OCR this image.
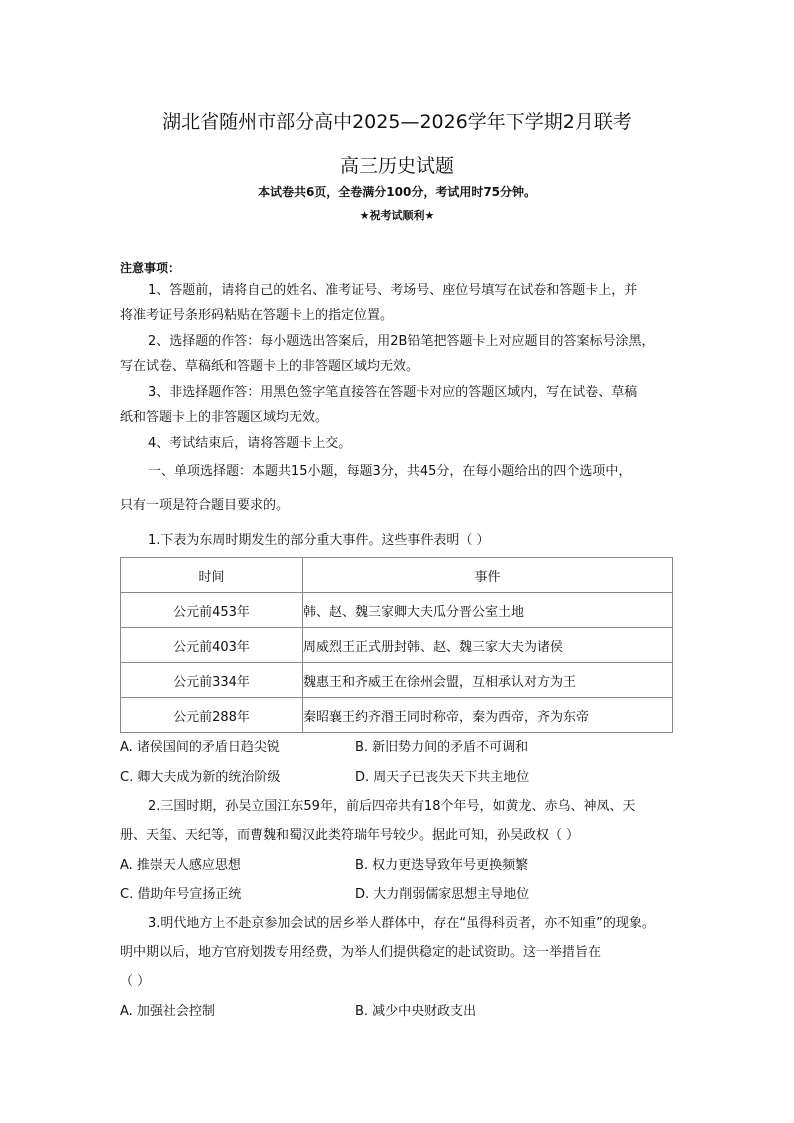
湖北省随州市部分高中2025—2026学年下学期2月联考
高三历史试题
本试卷共6页，全卷满分100分，考试用时75分钟。
★祝考试顺利★
注意事项：
1、答题前，请将自己的姓名、准考证号、考场号、座位号填写在试卷和答题卡上，并
将准考证号条形码粘贴在答题卡上的指定位置。
2、选择题的作答：每小题选出答案后，用2B铅笔把答题卡上对应题目的答案标号涂黑，
写在试卷、草稿纸和答题卡上的非答题区域均无效。
3、非选择题作答：用黑色签字笔直接答在答题卡对应的答题区域内，写在试卷、草稿
纸和答题卡上的非答题区域均无效。
4、考试结束后，请将答题卡上交。
一、单项选择题：本题共15小题，每题3分，共45分，在每小题给出的四个选项中，
只有一项是符合题目要求的。
1.下表为东周时期发生的部分重大事件。这些事件表明（ ）
时间	事件
公元前453年	韩、赵、魏三家卿大夫瓜分晋公室土地
公元前403年	周威烈王正式册封韩、赵、魏三家大夫为诸侯
公元前334年	魏惠王和齐威王在徐州会盟，互相承认对方为王
公元前288年	秦昭襄王约齐湣王同时称帝，秦为西帝，齐为东帝
A. 诸侯国间的矛盾日趋尖锐	B. 新旧势力间的矛盾不可调和
C. 卿大夫成为新的统治阶级	D. 周天子已丧失天下共主地位
2.三国时期，孙吴立国江东59年，前后四帝共有18个年号，如黄龙、赤乌、神凤、天
册、天玺、天纪等，而曹魏和蜀汉此类符瑞年号较少。据此可知，孙吴政权（ ）
A. 推崇天人感应思想	B. 权力更迭导致年号更换频繁
C. 借助年号宣扬正统	D. 大力削弱儒家思想主导地位
3.明代地方上不赴京参加会试的居乡举人群体中，存在“虽得科贡者，亦不知重”的现象。
明中期以后，地方官府划拨专用经费，为举人们提供稳定的赴试资助。这一举措旨在
（ ）
A. 加强社会控制	B. 减少中央财政支出
